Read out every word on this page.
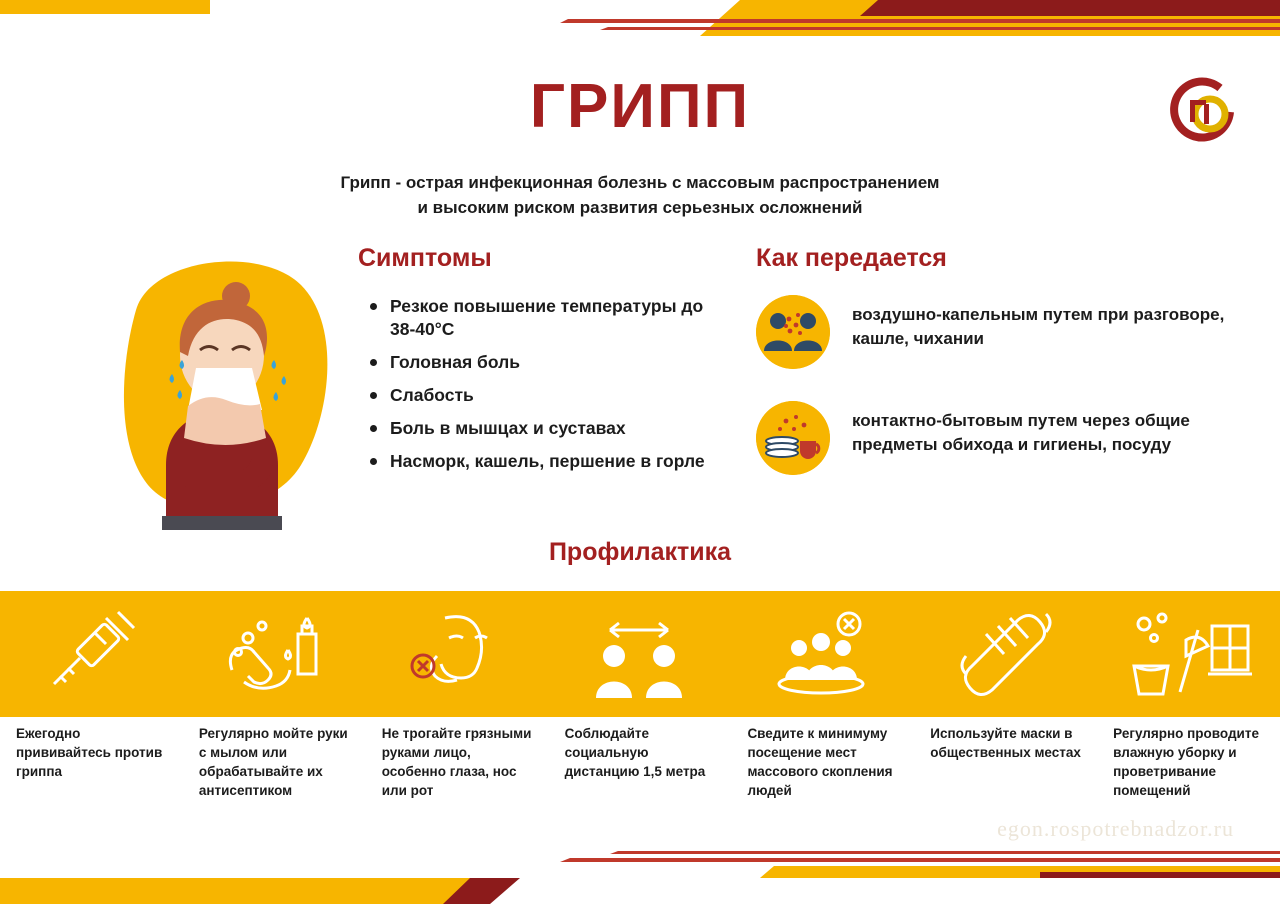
ГРИПП
Грипп - острая инфекционная болезнь с массовым распространением
и высоким риском развития серьезных осложнений
Симптомы
Резкое повышение температуры до 38-40°C
Головная боль
Слабость
Боль в мышцах и суставах
Насморк, кашель, першение в горле
Как передается
воздушно-капельным путем при разговоре, кашле, чихании
контактно-бытовым путем через общие предметы обихода и гигиены, посуду
Профилактика
Ежегодно прививайтесь против гриппа
Регулярно мойте руки с мылом или обрабатывайте их антисептиком
Не трогайте грязными руками лицо, особенно глаза, нос или рот
Соблюдайте социальную дистанцию 1,5 метра
Сведите к минимуму посещение мест массового скопления людей
Используйте маски в общественных местах
Регулярно проводите влажную уборку и проветривание помещений
egon.rospotrebnadzor.ru
